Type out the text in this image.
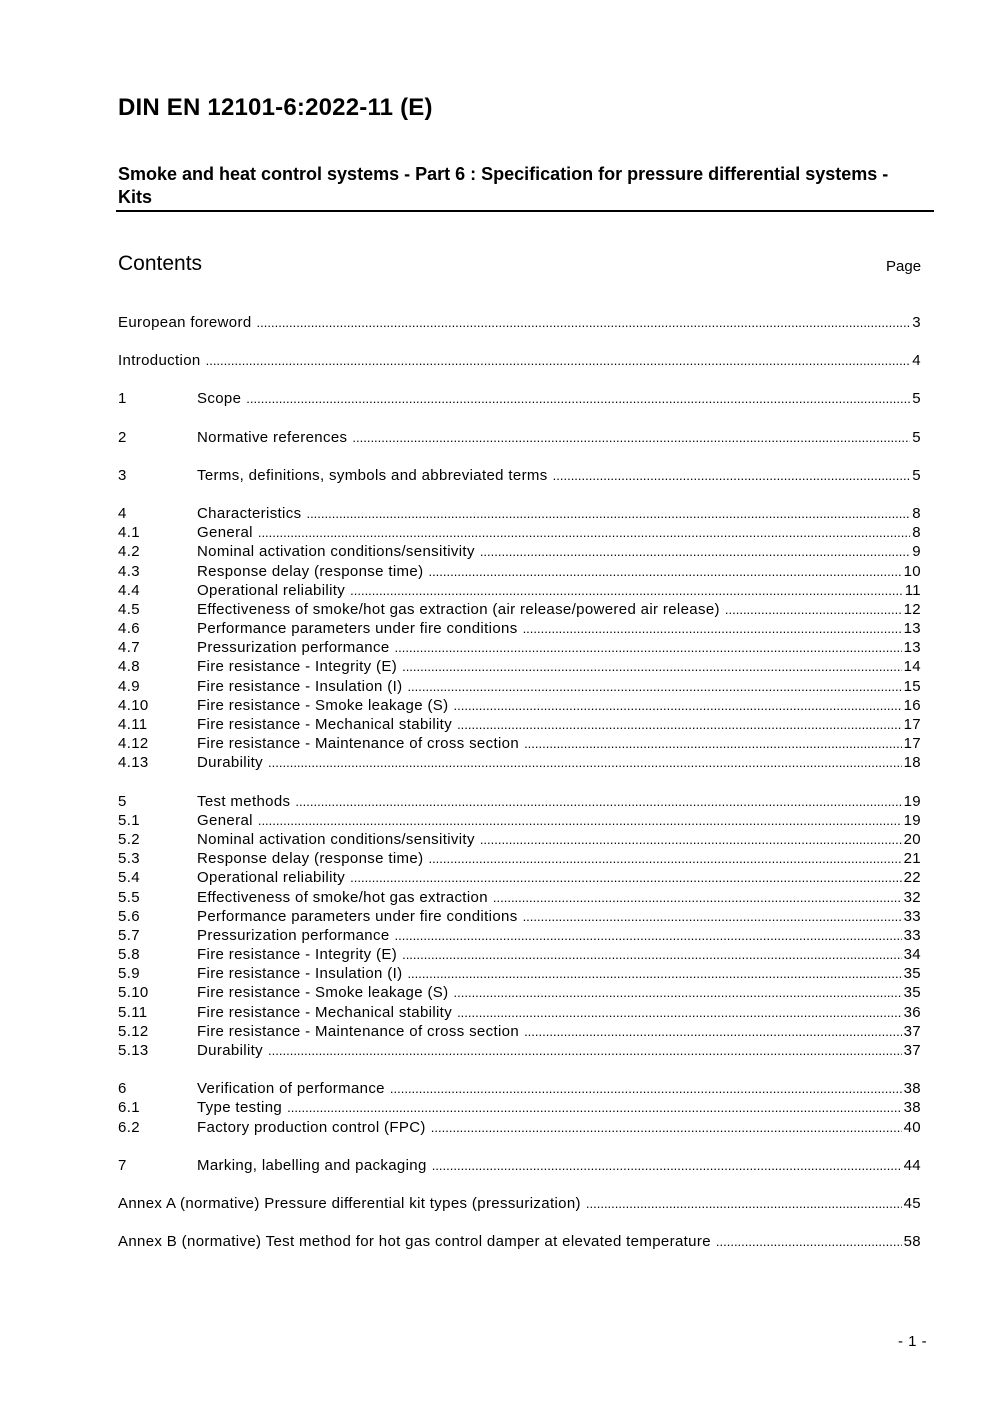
DIN EN 12101-6:2022-11 (E)
Smoke and heat control systems - Part 6 : Specification for pressure differential systems - Kits
Contents	Page
European foreword .....	3
Introduction .....	4
1	Scope .....	5
2	Normative references .....	5
3	Terms, definitions, symbols and abbreviated terms .....	5
4	Characteristics .....	8
4.1	General .....	8
4.2	Nominal activation conditions/sensitivity .....	9
4.3	Response delay (response time) .....	10
4.4	Operational reliability .....	11
4.5	Effectiveness of smoke/hot gas extraction (air release/powered air release) .....	12
4.6	Performance parameters under fire conditions .....	13
4.7	Pressurization performance .....	13
4.8	Fire resistance - Integrity (E) .....	14
4.9	Fire resistance - Insulation (I) .....	15
4.10	Fire resistance - Smoke leakage (S) .....	16
4.11	Fire resistance - Mechanical stability .....	17
4.12	Fire resistance - Maintenance of cross section .....	17
4.13	Durability .....	18
5	Test methods .....	19
5.1	General .....	19
5.2	Nominal activation conditions/sensitivity .....	20
5.3	Response delay (response time) .....	21
5.4	Operational reliability .....	22
5.5	Effectiveness of smoke/hot gas extraction .....	32
5.6	Performance parameters under fire conditions .....	33
5.7	Pressurization performance .....	33
5.8	Fire resistance - Integrity (E) .....	34
5.9	Fire resistance - Insulation (I) .....	35
5.10	Fire resistance - Smoke leakage (S) .....	35
5.11	Fire resistance - Mechanical stability .....	36
5.12	Fire resistance - Maintenance of cross section .....	37
5.13	Durability .....	37
6	Verification of performance .....	38
6.1	Type testing .....	38
6.2	Factory production control (FPC) .....	40
7	Marking, labelling and packaging .....	44
Annex A (normative) Pressure differential kit types (pressurization) .....	45
Annex B (normative) Test method for hot gas control damper at elevated temperature .....	58
- 1 -
